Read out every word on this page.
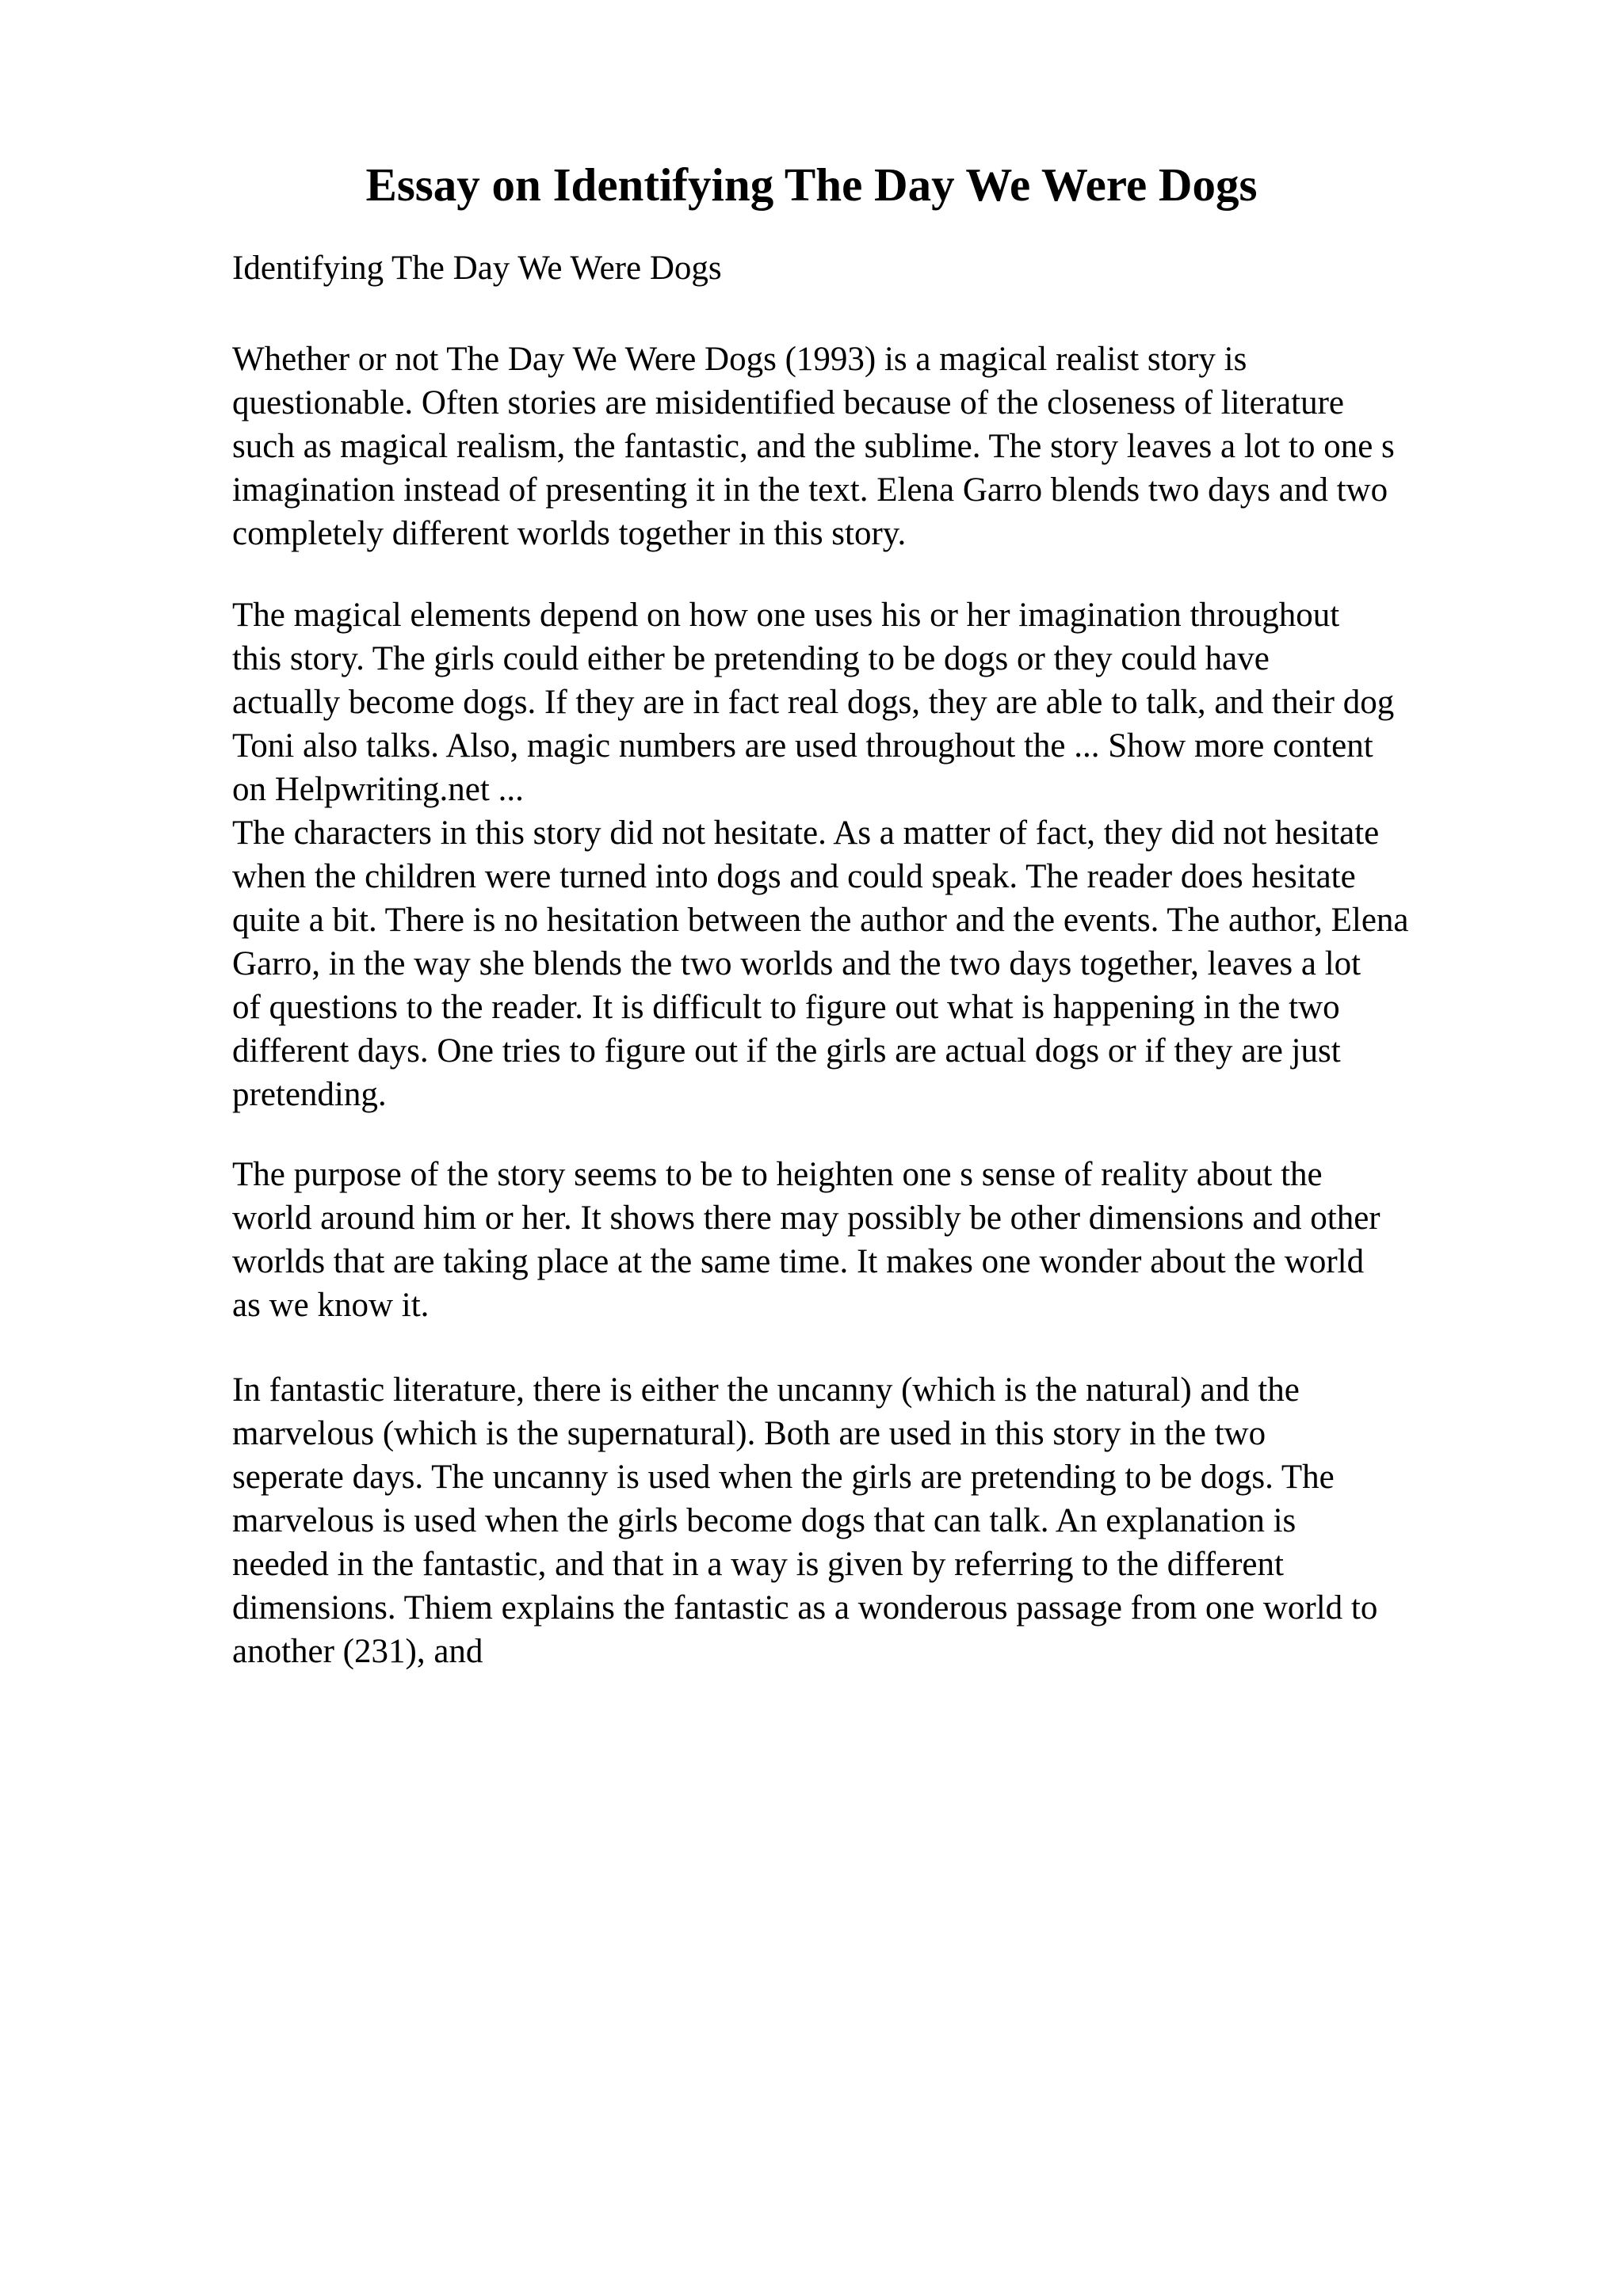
Essay on Identifying The Day We Were Dogs

Identifying The Day We Were Dogs

Whether or not The Day We Were Dogs (1993) is a magical realist story is
questionable. Often stories are misidentified because of the closeness of literature
such as magical realism, the fantastic, and the sublime. The story leaves a lot to one s
imagination instead of presenting it in the text. Elena Garro blends two days and two
completely different worlds together in this story.
The magical elements depend on how one uses his or her imagination throughout
this story. The girls could either be pretending to be dogs or they could have
actually become dogs. If they are in fact real dogs, they are able to talk, and their dog
Toni also talks. Also, magic numbers are used throughout the ... Show more content
on Helpwriting.net ...
The characters in this story did not hesitate. As a matter of fact, they did not hesitate
when the children were turned into dogs and could speak. The reader does hesitate
quite a bit. There is no hesitation between the author and the events. The author, Elena
Garro, in the way she blends the two worlds and the two days together, leaves a lot
of questions to the reader. It is difficult to figure out what is happening in the two
different days. One tries to figure out if the girls are actual dogs or if they are just
pretending.
The purpose of the story seems to be to heighten one s sense of reality about the
world around him or her. It shows there may possibly be other dimensions and other
worlds that are taking place at the same time. It makes one wonder about the world
as we know it.
In fantastic literature, there is either the uncanny (which is the natural) and the
marvelous (which is the supernatural). Both are used in this story in the two
seperate days. The uncanny is used when the girls are pretending to be dogs. The
marvelous is used when the girls become dogs that can talk. An explanation is
needed in the fantastic, and that in a way is given by referring to the different
dimensions. Thiem explains the fantastic as a wonderous passage from one world to
another (231), and
